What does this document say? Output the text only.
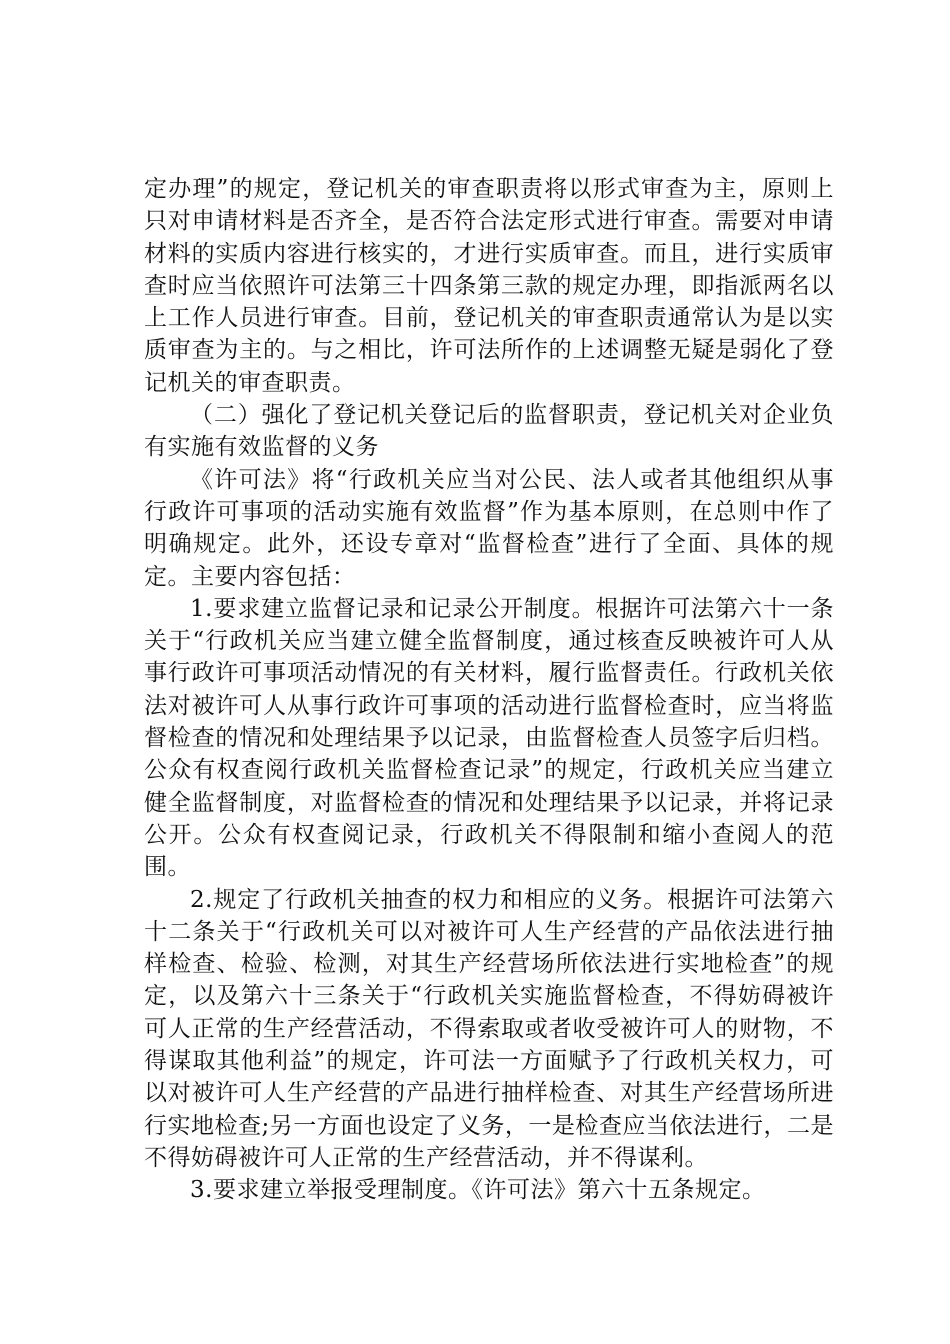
定办理”的规定，登记机关的审查职责将以形式审查为主，原则上只对申请材料是否齐全，是否符合法定形式进行审查。需要对申请材料的实质内容进行核实的，才进行实质审查。而且，进行实质审查时应当依照许可法第三十四条第三款的规定办理，即指派两名以上工作人员进行审查。目前，登记机关的审查职责通常认为是以实质审查为主的。与之相比，许可法所作的上述调整无疑是弱化了登记机关的审查职责。

（二）强化了登记机关登记后的监督职责，登记机关对企业负有实施有效监督的义务

《许可法》将“行政机关应当对公民、法人或者其他组织从事行政许可事项的活动实施有效监督”作为基本原则，在总则中作了明确规定。此外，还设专章对“监督检查”进行了全面、具体的规定。主要内容包括：

1.要求建立监督记录和记录公开制度。根据许可法第六十一条关于“行政机关应当建立健全监督制度，通过核查反映被许可人从事行政许可事项活动情况的有关材料，履行监督责任。行政机关依法对被许可人从事行政许可事项的活动进行监督检查时，应当将监督检查的情况和处理结果予以记录，由监督检查人员签字后归档。公众有权查阅行政机关监督检查记录”的规定，行政机关应当建立健全监督制度，对监督检查的情况和处理结果予以记录，并将记录公开。公众有权查阅记录，行政机关不得限制和缩小查阅人的范围。

2.规定了行政机关抽查的权力和相应的义务。根据许可法第六十二条关于“行政机关可以对被许可人生产经营的产品依法进行抽样检查、检验、检测，对其生产经营场所依法进行实地检查”的规定，以及第六十三条关于“行政机关实施监督检查，不得妨碍被许可人正常的生产经营活动，不得索取或者收受被许可人的财物，不得谋取其他利益”的规定，许可法一方面赋予了行政机关权力，可以对被许可人生产经营的产品进行抽样检查、对其生产经营场所进行实地检查;另一方面也设定了义务，一是检查应当依法进行，二是不得妨碍被许可人正常的生产经营活动，并不得谋利。

3.要求建立举报受理制度。《许可法》第六十五条规定。
